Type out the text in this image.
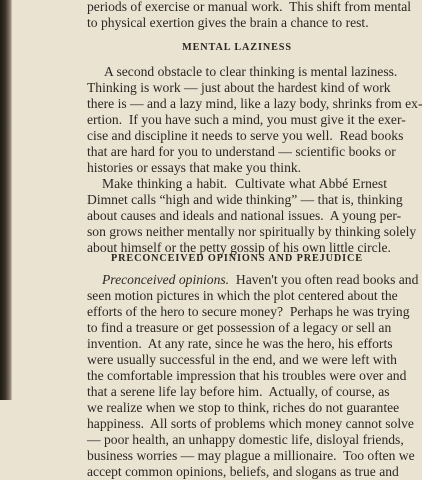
periods of exercise or manual work.  This shift from mental

to physical exertion gives the brain a chance to rest.

MENTAL LAZINESS

A second obstacle to clear thinking is mental laziness.

Thinking is work — just about the hardest kind of work

there is — and a lazy mind, like a lazy body, shrinks from ex-

ertion.  If you have such a mind, you must give it the exer-

cise and discipline it needs to serve you well.  Read books

that are hard for you to understand — scientific books or

histories or essays that make you think.

Make thinking a habit.  Cultivate what Abbé Ernest

Dimnet calls “high and wide thinking” — that is, thinking

about causes and ideals and national issues.  A young per-

son grows neither mentally nor spiritually by thinking solely

about himself or the petty gossip of his own little circle.

PRECONCEIVED OPINIONS AND PREJUDICE

Preconceived opinions.  Haven't you often read books and

seen motion pictures in which the plot centered about the

efforts of the hero to secure money?  Perhaps he was trying

to find a treasure or get possession of a legacy or sell an

invention.  At any rate, since he was the hero, his efforts

were usually successful in the end, and we were left with

the comfortable impression that his troubles were over and

that a serene life lay before him.  Actually, of course, as

we realize when we stop to think, riches do not guarantee

happiness.  All sorts of problems which money cannot solve

— poor health, an unhappy domestic life, disloyal friends,

business worries — may plague a millionaire.  Too often we

accept common opinions, beliefs, and slogans as true and
